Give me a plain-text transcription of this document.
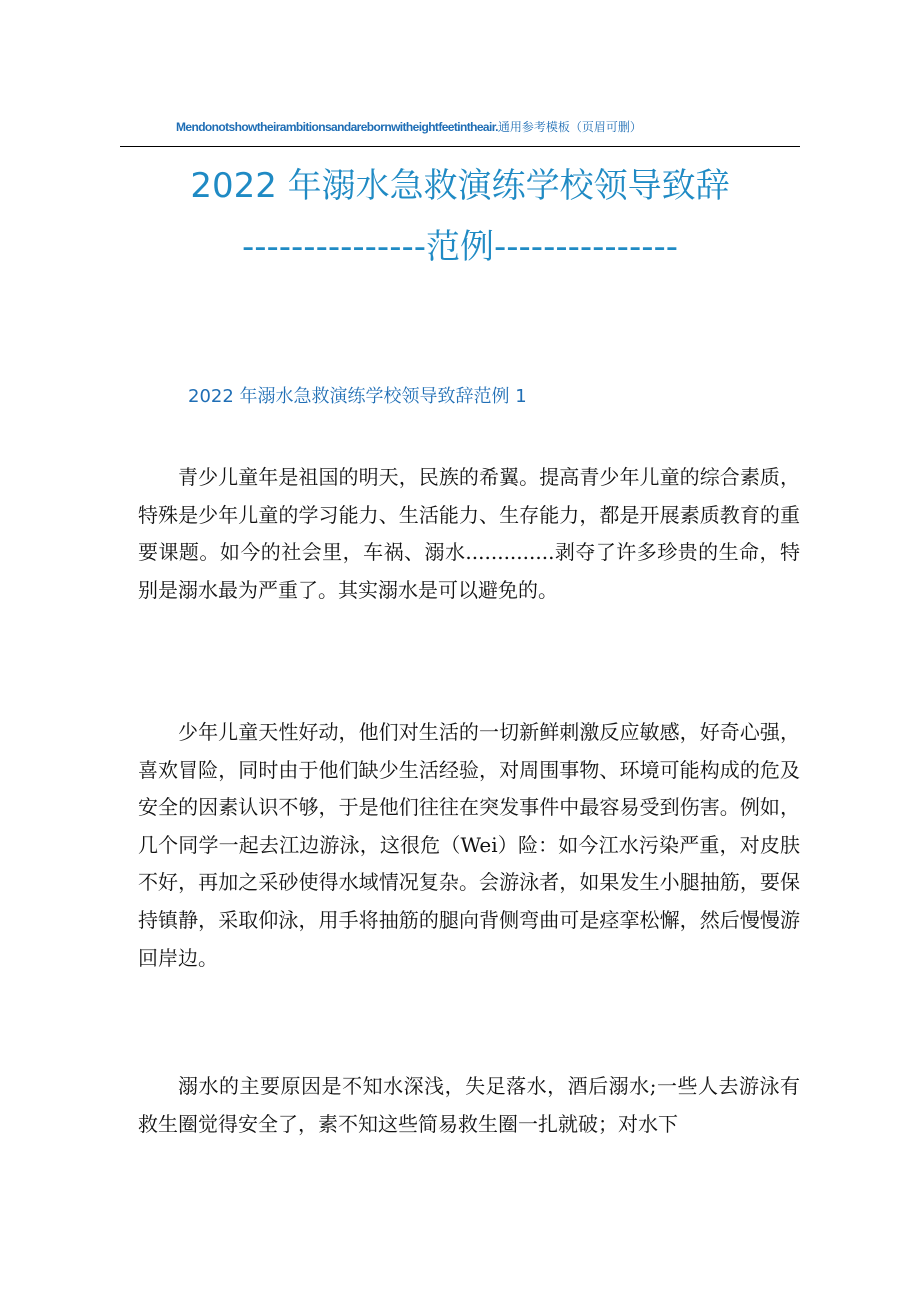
Mendonotshowtheirambitionsandarebornwitheightfeetintheair.通用参考模板（页眉可删）
2022 年溺水急救演练学校领导致辞
---------------范例---------------
2022 年溺水急救演练学校领导致辞范例 1

青少儿童年是祖国的明天，民族的希翼。提高青少年儿童的综合素质，特殊是少年儿童的学习能力、生活能力、生存能力，都是开展素质教育的重要课题。如今的社会里，车祸、溺水..............剥夺了许多珍贵的生命，特别是溺水最为严重了。其实溺水是可以避免的。

少年儿童天性好动，他们对生活的一切新鲜刺激反应敏感，好奇心强，喜欢冒险，同时由于他们缺少生活经验，对周围事物、环境可能构成的危及安全的因素认识不够，于是他们往往在突发事件中最容易受到伤害。例如，几个同学一起去江边游泳，这很危（Wei）险：如今江水污染严重，对皮肤不好，再加之采砂使得水域情况复杂。会游泳者，如果发生小腿抽筋，要保持镇静，采取仰泳，用手将抽筋的腿向背侧弯曲可是痉挛松懈，然后慢慢游回岸边。

溺水的主要原因是不知水深浅，失足落水，酒后溺水;一些人去游泳有救生圈觉得安全了，素不知这些简易救生圈一扎就破；对水下
